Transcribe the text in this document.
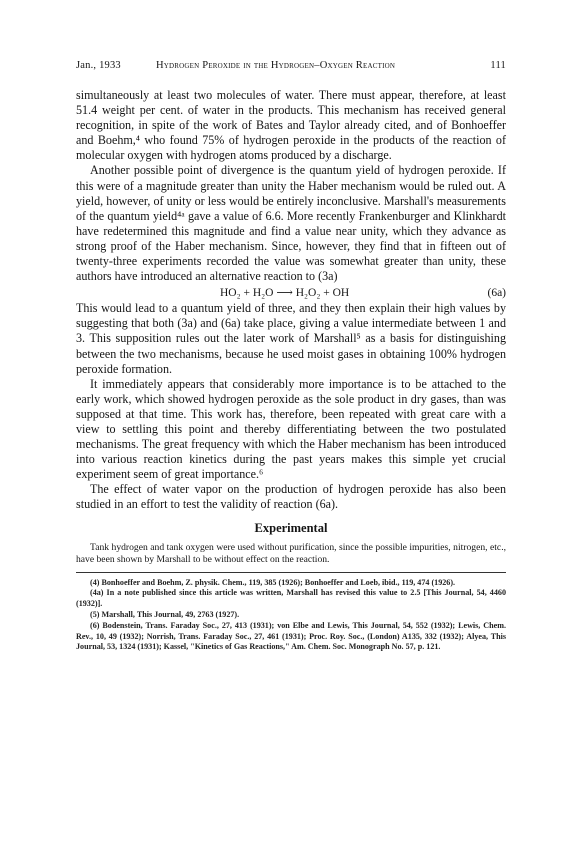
Jan., 1933	Hydrogen Peroxide in the Hydrogen–Oxygen Reaction	111

simultaneously at least two molecules of water. There must appear, therefore, at least 51.4 weight per cent. of water in the products. This mechanism has received general recognition, in spite of the work of Bates and Taylor already cited, and of Bonhoeffer and Boehm,⁴ who found 75% of hydrogen peroxide in the products of the reaction of molecular oxygen with hydrogen atoms produced by a discharge.

Another possible point of divergence is the quantum yield of hydrogen peroxide. If this were of a magnitude greater than unity the Haber mechanism would be ruled out. A yield, however, of unity or less would be entirely inconclusive. Marshall's measurements of the quantum yield⁴ᵃ gave a value of 6.6. More recently Frankenburger and Klinkhardt have redetermined this magnitude and find a value near unity, which they advance as strong proof of the Haber mechanism. Since, however, they find that in fifteen out of twenty-three experiments recorded the value was somewhat greater than unity, these authors have introduced an alternative reaction to (3a)

HO₂ + H₂O ⟶ H₂O₂ + OH	(6a)

This would lead to a quantum yield of three, and they then explain their high values by suggesting that both (3a) and (6a) take place, giving a value intermediate between 1 and 3. This supposition rules out the later work of Marshall⁵ as a basis for distinguishing between the two mechanisms, because he used moist gases in obtaining 100% hydrogen peroxide formation.

It immediately appears that considerably more importance is to be attached to the early work, which showed hydrogen peroxide as the sole product in dry gases, than was supposed at that time. This work has, therefore, been repeated with great care with a view to settling this point and thereby differentiating between the two postulated mechanisms. The great frequency with which the Haber mechanism has been introduced into various reaction kinetics during the past years makes this simple yet crucial experiment seem of great importance.⁶

The effect of water vapor on the production of hydrogen peroxide has also been studied in an effort to test the validity of reaction (6a).

Experimental

Tank hydrogen and tank oxygen were used without purification, since the possible impurities, nitrogen, etc., have been shown by Marshall to be without effect on the reaction.

(4) Bonhoeffer and Boehm, Z. physik. Chem., 119, 385 (1926); Bonhoeffer and Loeb, ibid., 119, 474 (1926).

(4a) In a note published since this article was written, Marshall has revised this value to 2.5 [This Journal, 54, 4460 (1932)].

(5) Marshall, This Journal, 49, 2763 (1927).

(6) Bodenstein, Trans. Faraday Soc., 27, 413 (1931); von Elbe and Lewis, This Journal, 54, 552 (1932); Lewis, Chem. Rev., 10, 49 (1932); Norrish, Trans. Faraday Soc., 27, 461 (1931); Proc. Roy. Soc., (London) A135, 332 (1932); Alyea, This Journal, 53, 1324 (1931); Kassel, "Kinetics of Gas Reactions," Am. Chem. Soc. Monograph No. 57, p. 121.
